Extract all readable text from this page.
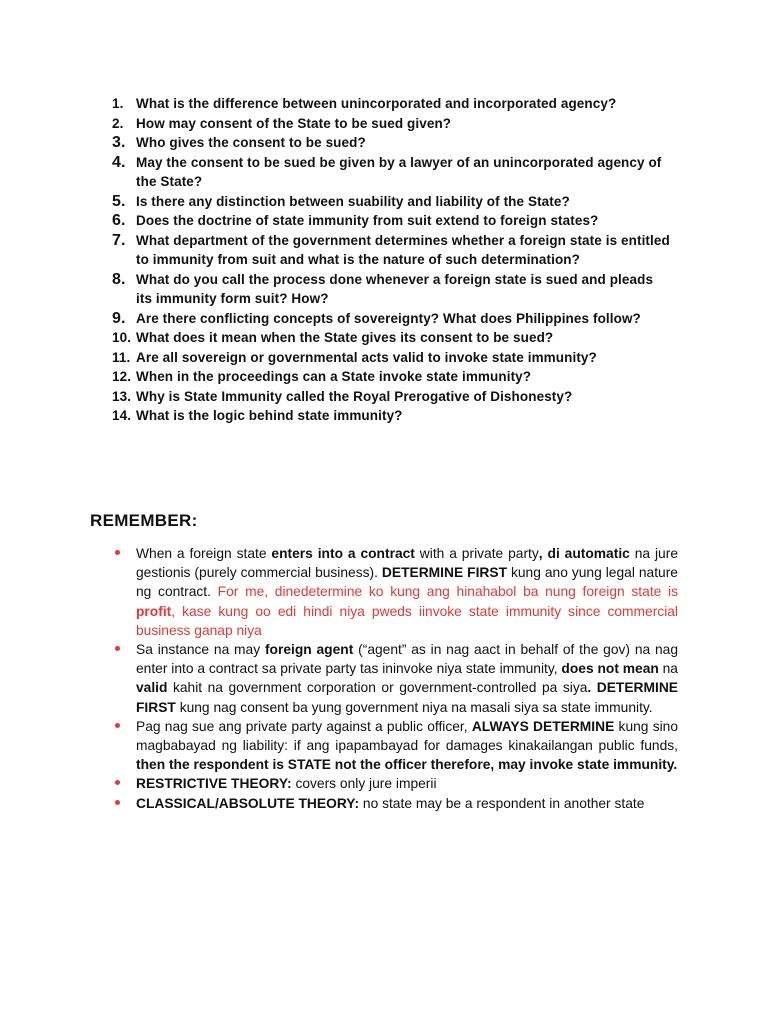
1. What is the difference between unincorporated and incorporated agency?
2. How may consent of the State to be sued given?
3. Who gives the consent to be sued?
4. May the consent to be sued be given by a lawyer of an unincorporated agency of the State?
5. Is there any distinction between suability and liability of the State?
6. Does the doctrine of state immunity from suit extend to foreign states?
7. What department of the government determines whether a foreign state is entitled to immunity from suit and what is the nature of such determination?
8. What do you call the process done whenever a foreign state is sued and pleads its immunity form suit? How?
9. Are there conflicting concepts of sovereignty? What does Philippines follow?
10. What does it mean when the State gives its consent to be sued?
11. Are all sovereign or governmental acts valid to invoke state immunity?
12. When in the proceedings can a State invoke state immunity?
13. Why is State Immunity called the Royal Prerogative of Dishonesty?
14. What is the logic behind state immunity?
REMEMBER:
When a foreign state enters into a contract with a private party, di automatic na jure gestionis (purely commercial business). DETERMINE FIRST kung ano yung legal nature ng contract. For me, dinedetermine ko kung ang hinahabol ba nung foreign state is profit, kase kung oo edi hindi niya pweds iinvoke state immunity since commercial business ganap niya
Sa instance na may foreign agent (“agent” as in nag aact in behalf of the gov) na nag enter into a contract sa private party tas ininvoke niya state immunity, does not mean na valid kahit na government corporation or government-controlled pa siya. DETERMINE FIRST kung nag consent ba yung government niya na masali siya sa state immunity.
Pag nag sue ang private party against a public officer, ALWAYS DETERMINE kung sino magbabayad ng liability: if ang ipapambayad for damages kinakailangan public funds, then the respondent is STATE not the officer therefore, may invoke state immunity.
RESTRICTIVE THEORY: covers only jure imperii
CLASSICAL/ABSOLUTE THEORY: no state may be a respondent in another state
